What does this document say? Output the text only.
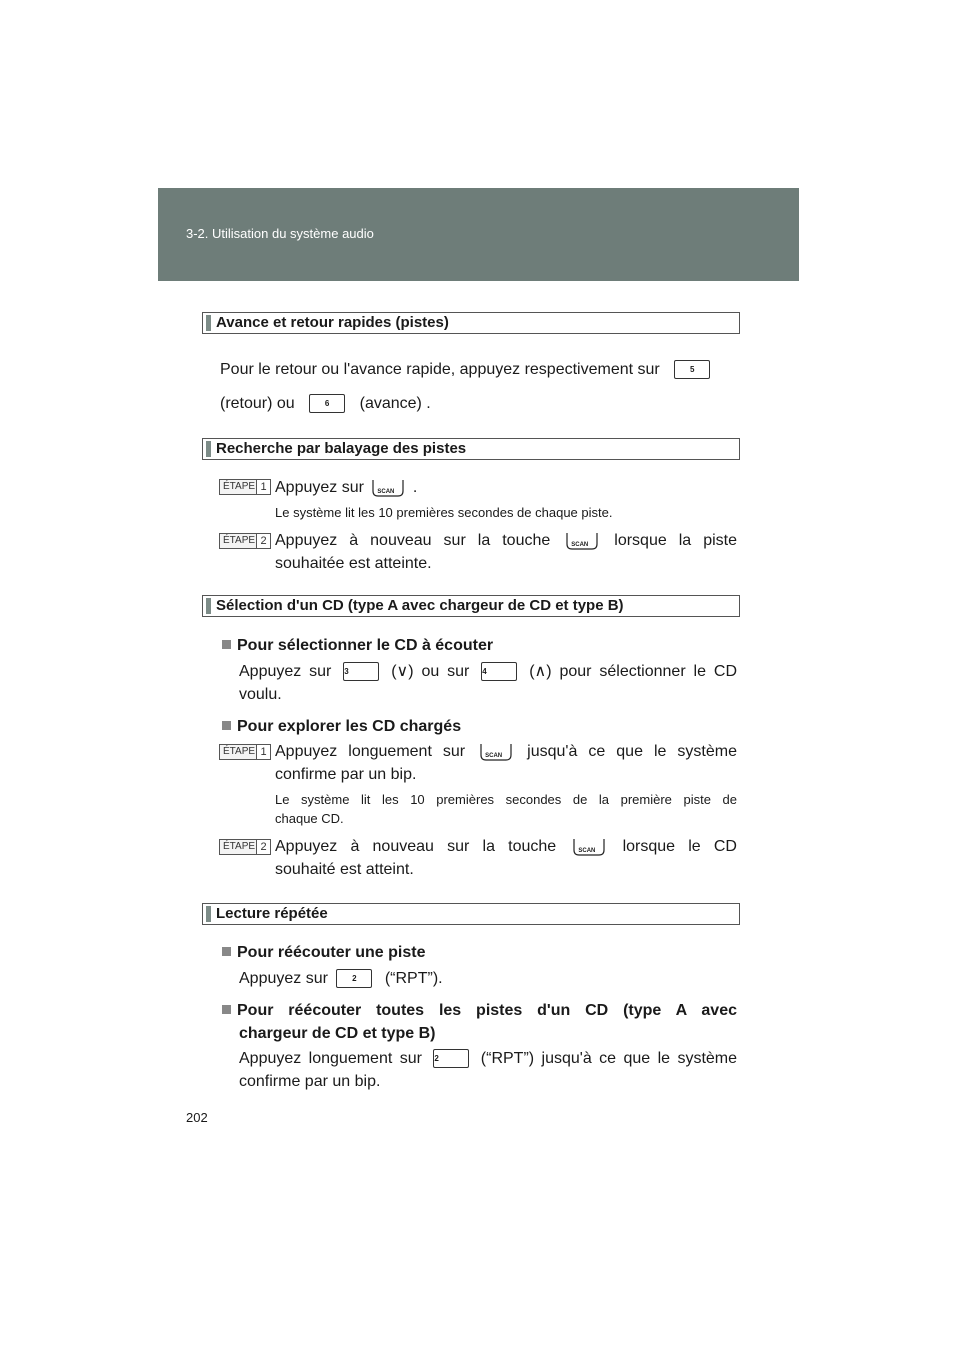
3-2. Utilisation du système audio
Avance et retour rapides (pistes)
Pour le retour ou l'avance rapide, appuyez respectivement sur	5
(retour) ou	6 (avance) .
Recherche par balayage des pistes
ÉTAPE 1 Appuyez sur SCAN .
Le système lit les 10 premières secondes de chaque piste.
ÉTAPE 2 Appuyez à nouveau sur la touche	SCAN lorsque la piste
souhaitée est atteinte.
Sélection d'un CD (type A avec chargeur de CD et type B)
Pour sélectionner le CD à écouter
Appuyez sur 3	(∨) ou sur 4	(∧) pour sélectionner le CD
voulu.
Pour explorer les CD chargés
ÉTAPE 1 Appuyez longuement sur	SCAN jusqu'à ce que le système
confirme par un bip.
Le système lit les 10 premières secondes de la première piste de
chaque CD.
ÉTAPE 2 Appuyez à nouveau sur la touche	SCAN lorsque le CD
souhaité est atteint.
Lecture répétée
Pour réécouter une piste
Appuyez sur	2 (“RPT”).
Pour réécouter toutes les pistes d'un CD (type A avec
chargeur de CD et type B)
Appuyez longuement sur 2	(“RPT”) jusqu'à ce que le système
confirme par un bip.
202
